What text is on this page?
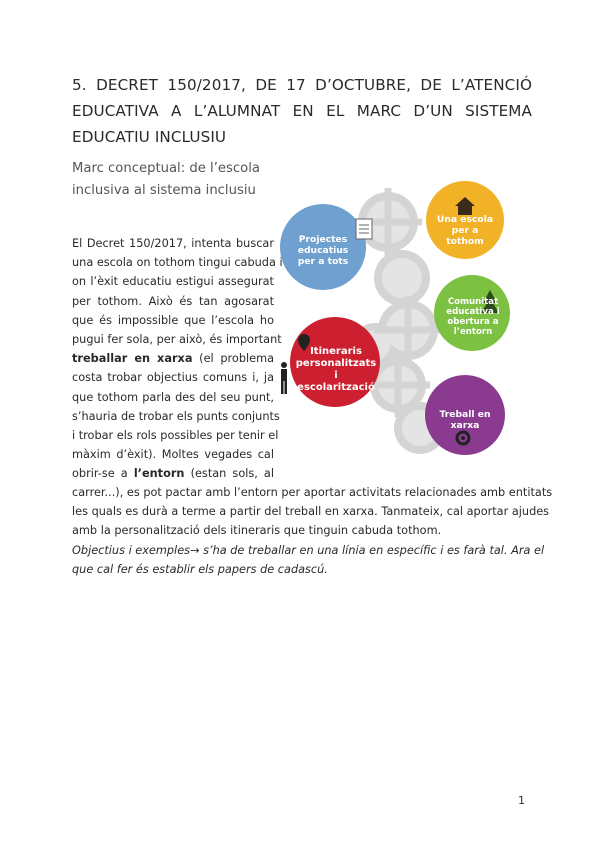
5. DECRET 150/2017, DE 17 D’OCTUBRE, DE L’ATENCIÓ
EDUCATIVA A L’ALUMNAT EN EL MARC D’UN SISTEMA
EDUCATIU INCLUSIU
Marc conceptual: de l’escola
inclusiva al sistema inclusiu
El Decret 150/2017, intenta buscar
una escola on tothom tingui cabuda i
on l’èxit educatiu estigui assegurat
per tothom. Això és tan agosarat
que és impossible que l’escola ho
pugui fer sola, per això, és important
treballar en xarxa (el problema
costa trobar objectius comuns i, ja
que tothom parla des del seu punt,
s’hauria de trobar els punts conjunts
i trobar els rols possibles per tenir el
màxim d’èxit). Moltes vegades cal
obrir-se a l’entorn (estan sols, al
carrer...), es pot pactar amb l’entorn per aportar activitats relacionades amb entitats
les quals es durà a terme a partir del treball en xarxa. Tanmateix, cal aportar ajudes
amb la personalització dels itineraris que tinguin cabuda tothom.
Objectius i exemples→ s’ha de treballar en una línia en específic i es farà tal. Ara el
que cal fer és establir els papers de cadascú.
Una escola per a tothom
Projectes educatius per a tots
Comunitat educativa i obertura a l’entorn
Itineraris personalitzats i escolarització
Treball en xarxa
1
